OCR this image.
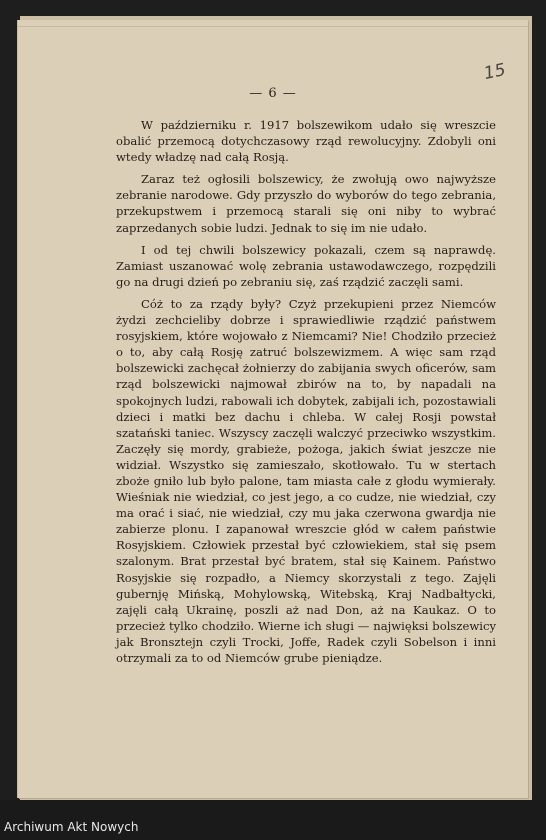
— 6 —
15

W październiku r. 1917 bolszewikom udało się wreszcie obalić przemocą dotychczasowy rząd rewolucyjny. Zdobyli oni wtedy władzę nad całą Rosją.

Zaraz też ogłosili bolszewicy, że zwołują owo najwyższe zebranie narodowe. Gdy przyszło do wyborów do tego zebrania, przekupstwem i przemocą starali się oni niby to wybrać zaprzedanych sobie ludzi. Jednak to się im nie udało.

I od tej chwili bolszewicy pokazali, czem są naprawdę. Zamiast uszanować wolę zebrania ustawodawczego, rozpędzili go na drugi dzień po zebraniu się, zaś rządzić zaczęli sami.

Cóż to za rządy były? Czyż przekupieni przez Niemców żydzi zechcieliby dobrze i sprawiedliwie rządzić państwem rosyjskiem, które wojowało z Niemcami? Nie! Chodziło przecież o to, aby całą Rosję zatruć bolszewizmem. A więc sam rząd bolszewicki zachęcał żołnierzy do zabijania swych oficerów, sam rząd bolszewicki najmował zbirów na to, by napadali na spokojnych ludzi, rabowali ich dobytek, zabijali ich, pozostawiali dzieci i matki bez dachu i chleba. W całej Rosji powstał szatański taniec. Wszyscy zaczęli walczyć przeciwko wszystkim. Zaczęły się mordy, grabieże, pożoga, jakich świat jeszcze nie widział. Wszystko się zamieszało, skotłowało. Tu w stertach zboże gniło lub było palone, tam miasta całe z głodu wymierały. Wieśniak nie wiedział, co jest jego, a co cudze, nie wiedział, czy ma orać i siać, nie wiedział, czy mu jaka czerwona gwardja nie zabierze plonu. I zapanował wreszcie głód w całem państwie Rosyjskiem. Człowiek przestał być człowiekiem, stał się psem szalonym. Brat przestał być bratem, stał się Kainem. Państwo Rosyjskie się rozpadło, a Niemcy skorzystali z tego. Zajęli gubernję Mińską, Mohylowską, Witebską, Kraj Nadbałtycki, zajęli całą Ukrainę, poszli aż nad Don, aż na Kaukaz. O to przecież tylko chodziło. Wierne ich sługi — najwięksi bolszewicy jak Bronsztejn czyli Trocki, Joffe, Radek czyli Sobelson i inni otrzymali za to od Niemców grube pieniądze.

Archiwum Akt Nowych
